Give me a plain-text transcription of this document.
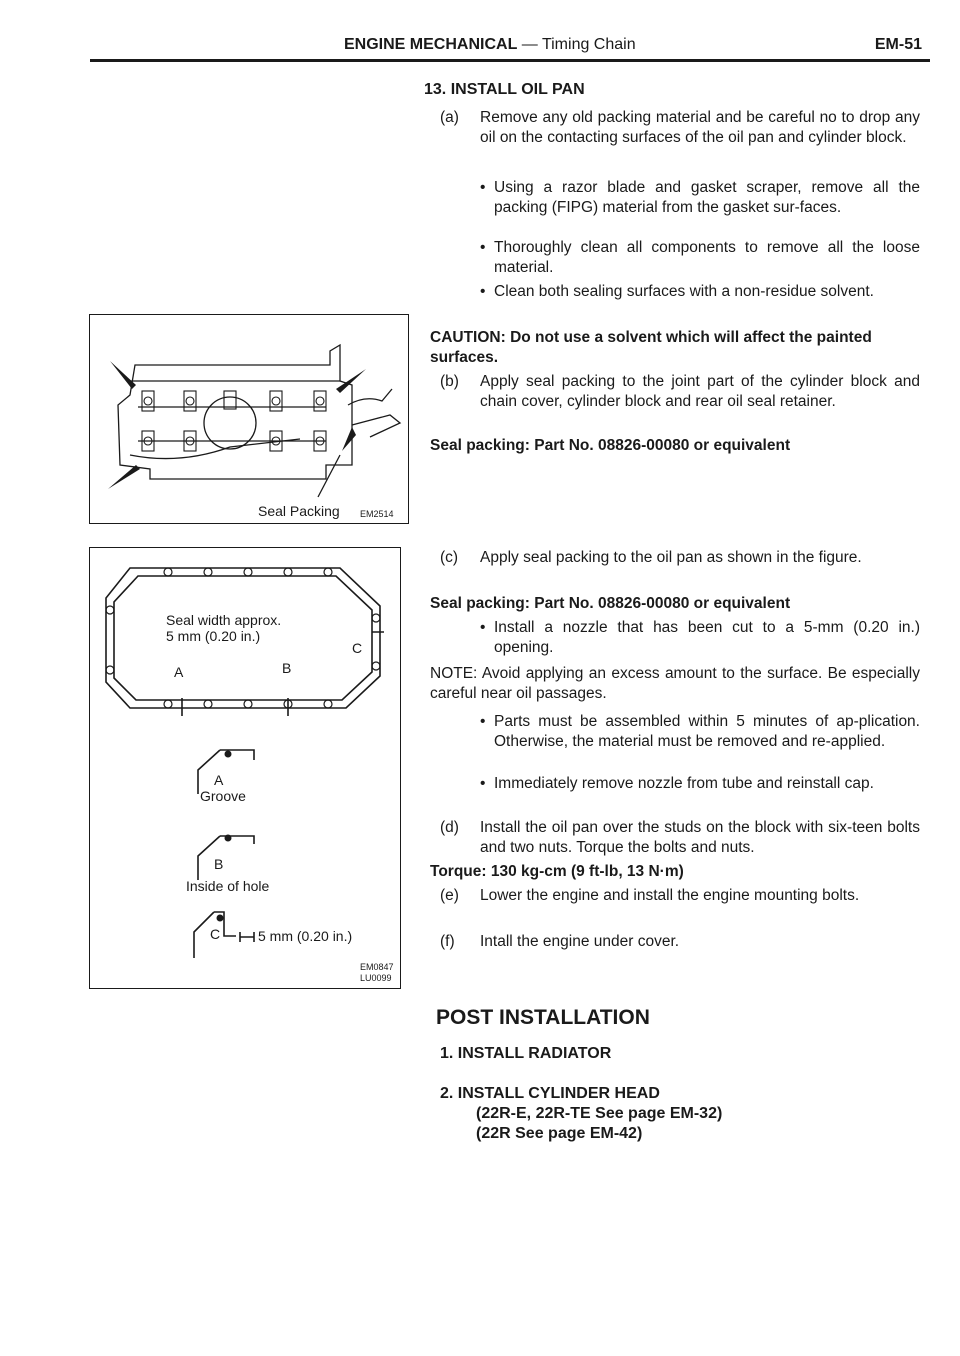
ENGINE MECHANICAL — Timing Chain	EM-51
13. INSTALL OIL PAN
(a) Remove any old packing material and be careful no to drop any oil on the contacting surfaces of the oil pan and cylinder block.
• Using a razor blade and gasket scraper, remove all the packing (FIPG) material from the gasket sur-faces.
• Thoroughly clean all components to remove all the loose material.
• Clean both sealing surfaces with a non-residue solvent.
CAUTION: Do not use a solvent which will affect the painted surfaces.
(b) Apply seal packing to the joint part of the cylinder block and chain cover, cylinder block and rear oil seal retainer.
Seal packing: Part No. 08826-00080 or equivalent
(c) Apply seal packing to the oil pan as shown in the figure.
Seal packing: Part No. 08826-00080 or equivalent
• Install a nozzle that has been cut to a 5-mm (0.20 in.) opening.
NOTE: Avoid applying an excess amount to the surface. Be especially careful near oil passages.
• Parts must be assembled within 5 minutes of ap-plication. Otherwise, the material must be removed and re-applied.
• Immediately remove nozzle from tube and reinstall cap.
(d) Install the oil pan over the studs on the block with six-teen bolts and two nuts. Torque the bolts and nuts.
Torque: 130 kg-cm (9 ft-lb, 13 N·m)
(e) Lower the engine and install the engine mounting bolts.
(f) Intall the engine under cover.
POST INSTALLATION
1. INSTALL RADIATOR
2. INSTALL CYLINDER HEAD
(22R-E, 22R-TE See page EM-32)
(22R See page EM-42)
Seal Packing EM2514
Seal width approx.
5 mm (0.20 in.)
C
A	B
A
Groove
B
Inside of hole
C	5 mm (0.20 in.)
EM0847
LU0099
